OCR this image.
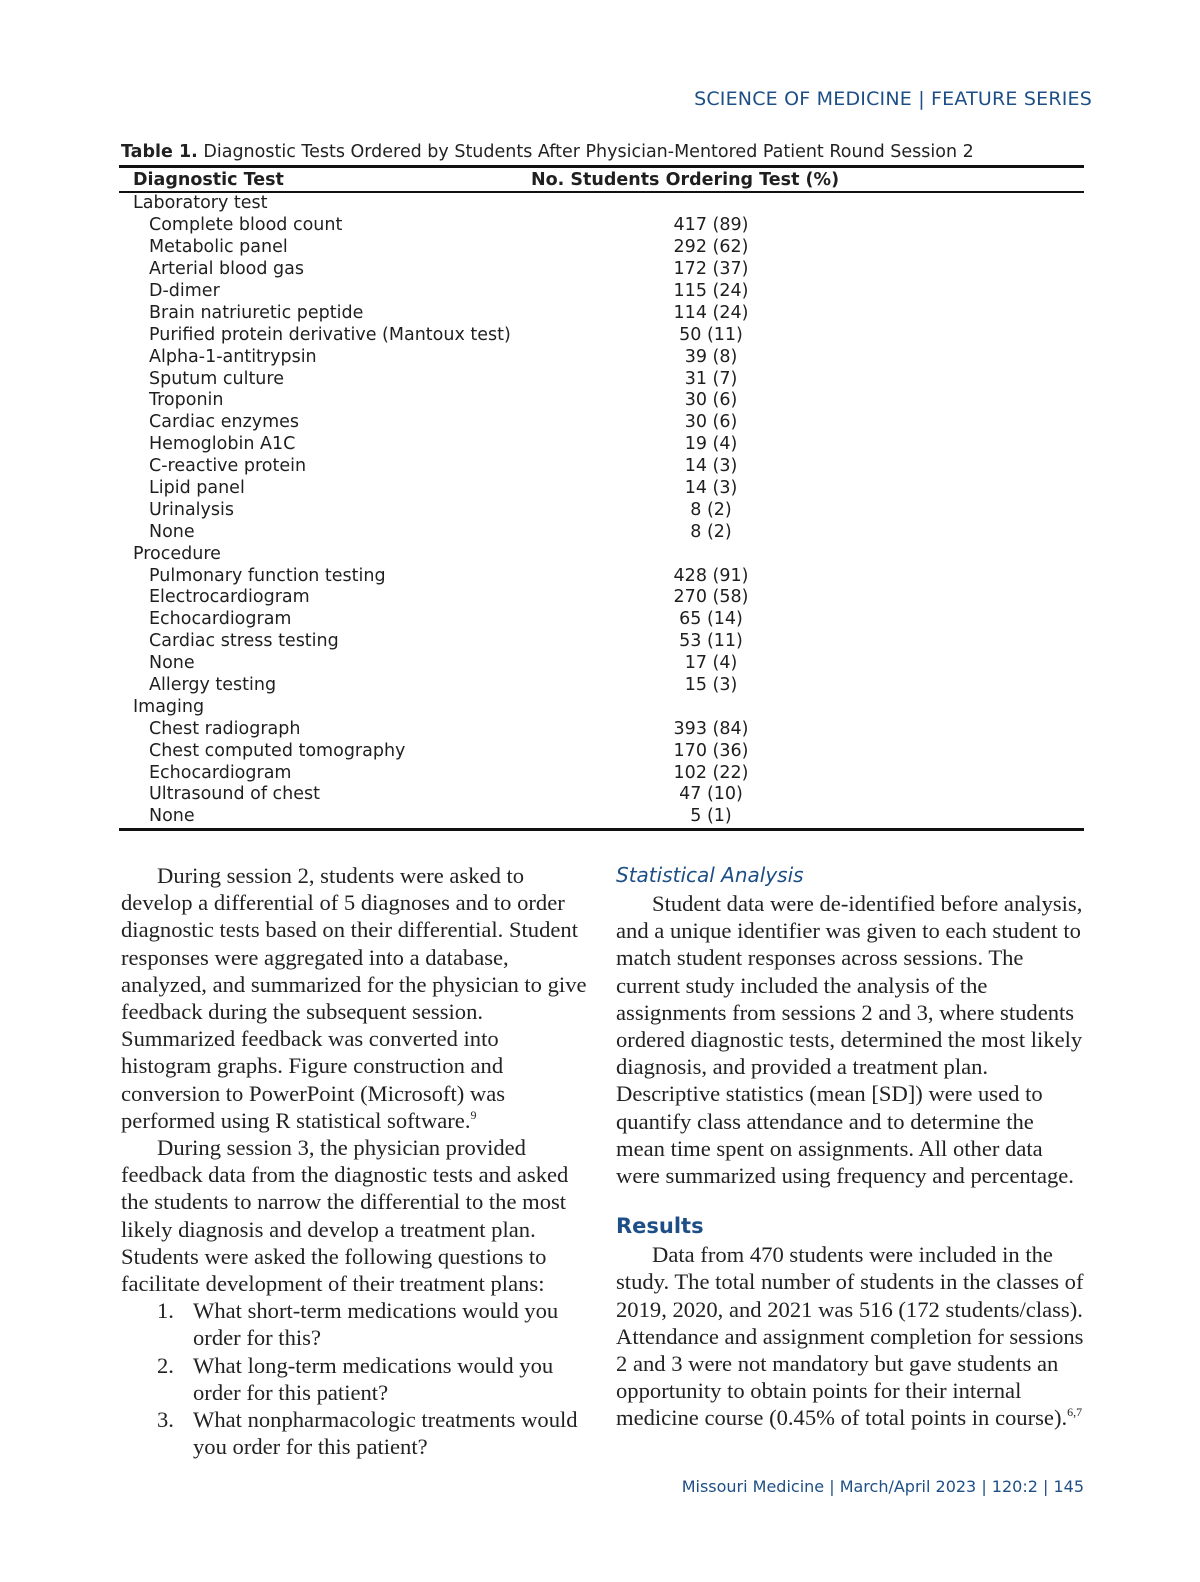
SCIENCE OF MEDICINE | FEATURE SERIES
Table 1. Diagnostic Tests Ordered by Students After Physician-Mentored Patient Round Session 2
Diagnostic Test	No. Students Ordering Test (%)
Laboratory test	
Complete blood count	417 (89)
Metabolic panel	292 (62)
Arterial blood gas	172 (37)
D-dimer	115 (24)
Brain natriuretic peptide	114 (24)
Purified protein derivative (Mantoux test)	50 (11)
Alpha-1-antitrypsin	39 (8)
Sputum culture	31 (7)
Troponin	30 (6)
Cardiac enzymes	30 (6)
Hemoglobin A1C	19 (4)
C-reactive protein	14 (3)
Lipid panel	14 (3)
Urinalysis	8 (2)
None	8 (2)
Procedure	
Pulmonary function testing	428 (91)
Electrocardiogram	270 (58)
Echocardiogram	65 (14)
Cardiac stress testing	53 (11)
None	17 (4)
Allergy testing	15 (3)
Imaging	
Chest radiograph	393 (84)
Chest computed tomography	170 (36)
Echocardiogram	102 (22)
Ultrasound of chest	47 (10)
None	5 (1)

During session 2, students were asked to develop a differential of 5 diagnoses and to order diagnostic tests based on their differential. Student responses were aggregated into a database, analyzed, and summarized for the physician to give feedback during the subsequent session. Summarized feedback was converted into histogram graphs. Figure construction and conversion to PowerPoint (Microsoft) was performed using R statistical software.$^9$

During session 3, the physician provided feedback data from the diagnostic tests and asked the students to narrow the differential to the most likely diagnosis and develop a treatment plan. Students were asked the following questions to facilitate development of their treatment plans:

1. What short-term medications would you order for this?
2. What long-term medications would you order for this patient?
3. What nonpharmacologic treatments would you order for this patient?
Statistical Analysis

Student data were de-identified before analysis, and a unique identifier was given to each student to match student responses across sessions. The current study included the analysis of the assignments from sessions 2 and 3, where students ordered diagnostic tests, determined the most likely diagnosis, and provided a treatment plan. Descriptive statistics (mean [SD]) were used to quantify class attendance and to determine the mean time spent on assignments. All other data were summarized using frequency and percentage.

Results

Data from 470 students were included in the study. The total number of students in the classes of 2019, 2020, and 2021 was 516 (172 students/class). Attendance and assignment completion for sessions 2 and 3 were not mandatory but gave students an opportunity to obtain points for their internal medicine course (0.45% of total points in course).$^{6,7}$

Missouri Medicine | March/April 2023 | 120:2 | 145
